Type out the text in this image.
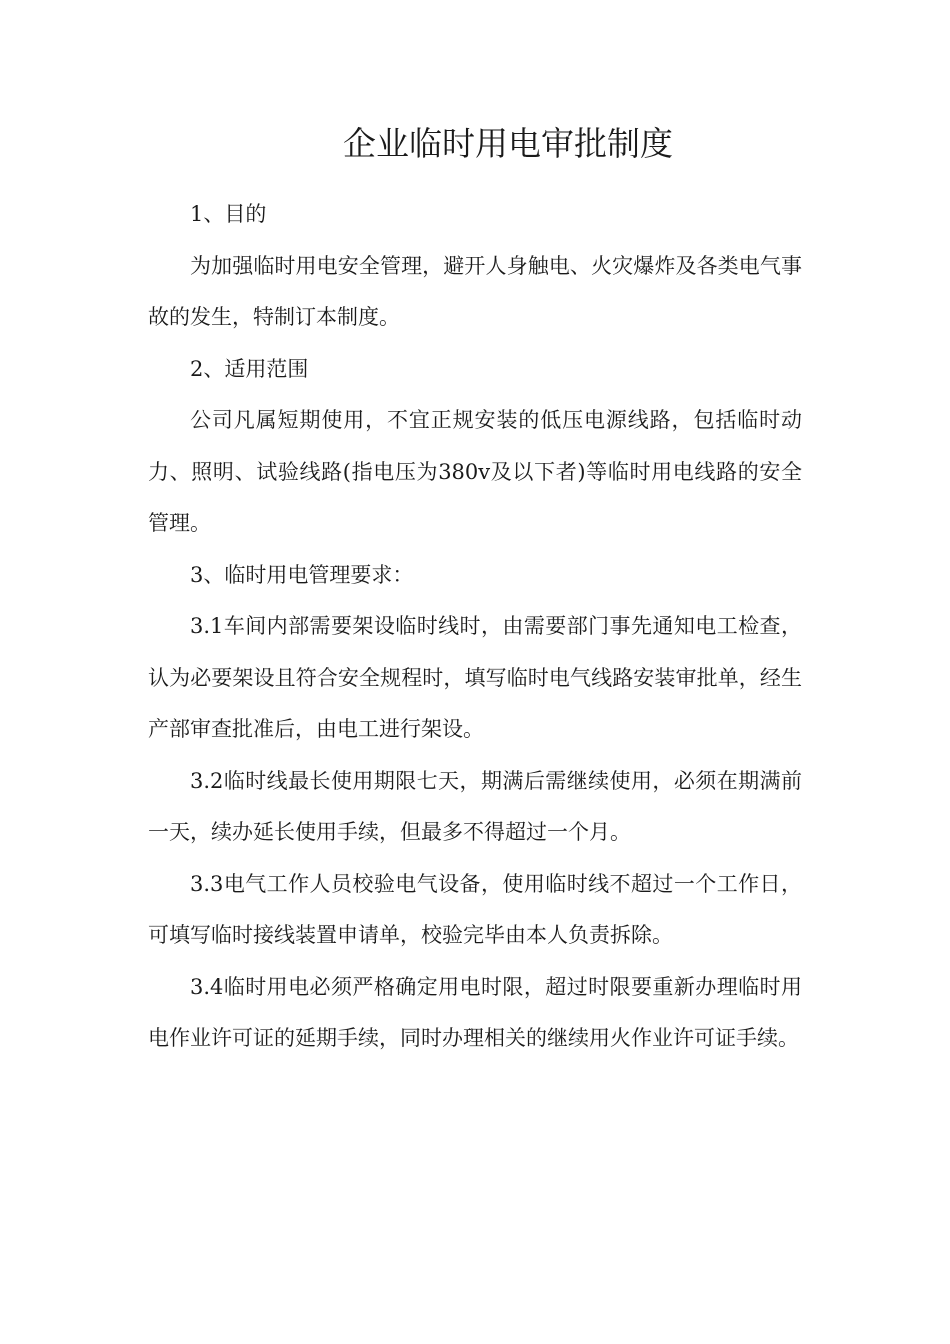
企业临时用电审批制度

1、目的

为加强临时用电安全管理，避开人身触电、火灾爆炸及各类电气事故的发生，特制订本制度。

2、适用范围

公司凡属短期使用，不宜正规安装的低压电源线路，包括临时动力、照明、试验线路(指电压为380v及以下者)等临时用电线路的安全管理。

3、临时用电管理要求：

3.1车间内部需要架设临时线时，由需要部门事先通知电工检查，认为必要架设且符合安全规程时，填写临时电气线路安装审批单，经生产部审查批准后，由电工进行架设。

3.2临时线最长使用期限七天，期满后需继续使用，必须在期满前一天，续办延长使用手续，但最多不得超过一个月。

3.3电气工作人员校验电气设备，使用临时线不超过一个工作日，可填写临时接线装置申请单，校验完毕由本人负责拆除。

3.4临时用电必须严格确定用电时限，超过时限要重新办理临时用电作业许可证的延期手续，同时办理相关的继续用火作业许可证手续。
